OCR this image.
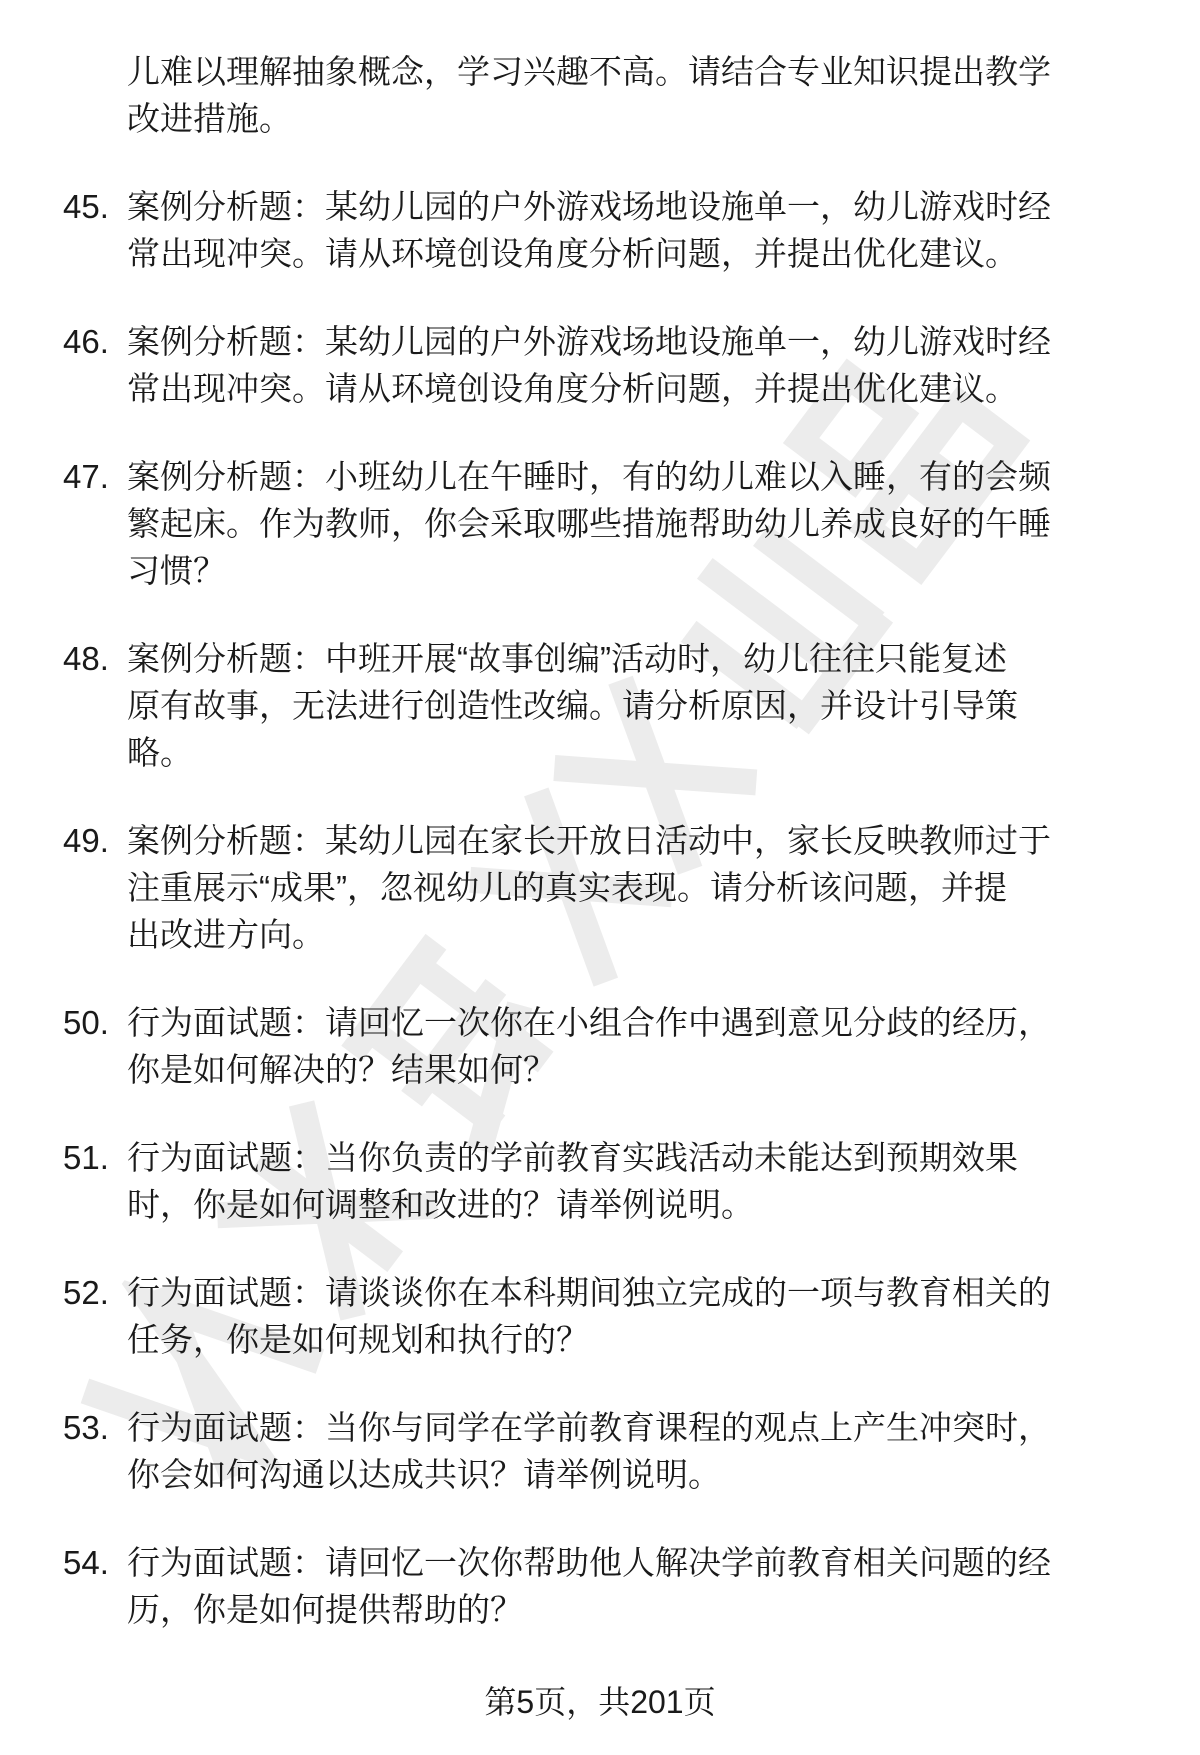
儿难以理解抽象概念，学习兴趣不高。请结合专业知识提出教学
改进措施。
45. 案例分析题：某幼儿园的户外游戏场地设施单一，幼儿游戏时经
常出现冲突。请从环境创设角度分析问题，并提出优化建议。
46. 案例分析题：某幼儿园的户外游戏场地设施单一，幼儿游戏时经
常出现冲突。请从环境创设角度分析问题，并提出优化建议。
47. 案例分析题：小班幼儿在午睡时，有的幼儿难以入睡，有的会频
繁起床。作为教师，你会采取哪些措施帮助幼儿养成良好的午睡
习惯？
48. 案例分析题：中班开展“故事创编”活动时，幼儿往往只能复述
原有故事，无法进行创造性改编。请分析原因，并设计引导策
略。
49. 案例分析题：某幼儿园在家长开放日活动中，家长反映教师过于
注重展示“成果”，忽视幼儿的真实表现。请分析该问题，并提
出改进方向。
50. 行为面试题：请回忆一次你在小组合作中遇到意见分歧的经历，
你是如何解决的？结果如何？
51. 行为面试题：当你负责的学前教育实践活动未能达到预期效果
时，你是如何调整和改进的？请举例说明。
52. 行为面试题：请谈谈你在本科期间独立完成的一项与教育相关的
任务，你是如何规划和执行的？
53. 行为面试题：当你与同学在学前教育课程的观点上产生冲突时，
你会如何沟通以达成共识？请举例说明。
54. 行为面试题：请回忆一次你帮助他人解决学前教育相关问题的经
历，你是如何提供帮助的？
第5页，共201页
